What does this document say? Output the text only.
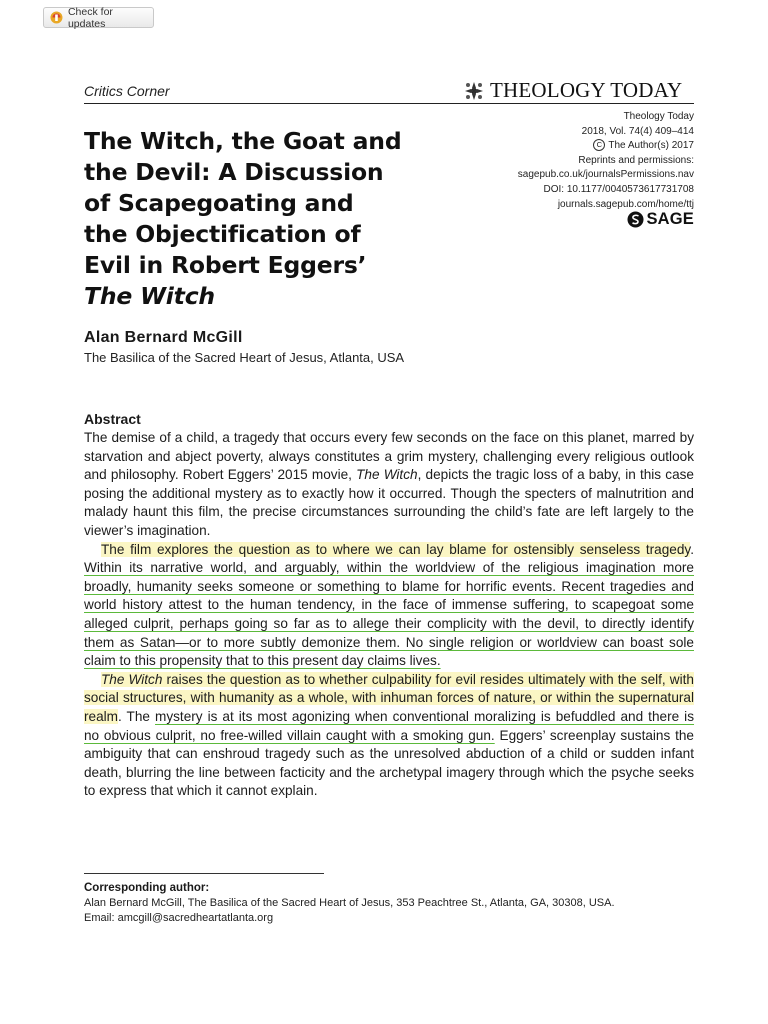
Check for updates
Critics Corner	THEOLOGY TODAY
The Witch, the Goat and
the Devil: A Discussion
of Scapegoating and
the Objectification of
Evil in Robert Eggers’
The Witch
Alan Bernard McGill
The Basilica of the Sacred Heart of Jesus, Atlanta, USA
Theology Today
2018, Vol. 74(4) 409–414
C The Author(s) 2017
Reprints and permissions:
sagepub.co.uk/journalsPermissions.nav
DOI: 10.1177/0040573617731708
journals.sagepub.com/home/ttj
SAGE
Abstract

The demise of a child, a tragedy that occurs every few seconds on the face on this planet, marred by starvation and abject poverty, always constitutes a grim mystery, challenging every religious outlook and philosophy. Robert Eggers’ 2015 movie, The Witch, depicts the tragic loss of a baby, in this case posing the additional mystery as to exactly how it occurred. Though the specters of malnutrition and malady haunt this film, the precise circumstances surrounding the child’s fate are left largely to the viewer’s imagination.

The film explores the question as to where we can lay blame for ostensibly senseless tragedy. Within its narrative world, and arguably, within the worldview of the religious imagination more broadly, humanity seeks someone or something to blame for horrific events. Recent tragedies and world history attest to the human tendency, in the face of immense suffering, to scapegoat some alleged culprit, perhaps going so far as to allege their complicity with the devil, to directly identify them as Satan—or to more subtly demonize them. No single religion or worldview can boast sole claim to this propensity that to this present day claims lives.

The Witch raises the question as to whether culpability for evil resides ultimately with the self, with social structures, with humanity as a whole, with inhuman forces of nature, or within the supernatural realm. The mystery is at its most agonizing when conventional moralizing is befuddled and there is no obvious culprit, no free-willed villain caught with a smoking gun. Eggers’ screenplay sustains the ambiguity that can enshroud tragedy such as the unresolved abduction of a child or sudden infant death, blurring the line between facticity and the archetypal imagery through which the psyche seeks to express that which it cannot explain.

Corresponding author:
Alan Bernard McGill, The Basilica of the Sacred Heart of Jesus, 353 Peachtree St., Atlanta, GA, 30308, USA.
Email: amcgill@sacredheartatlanta.org
